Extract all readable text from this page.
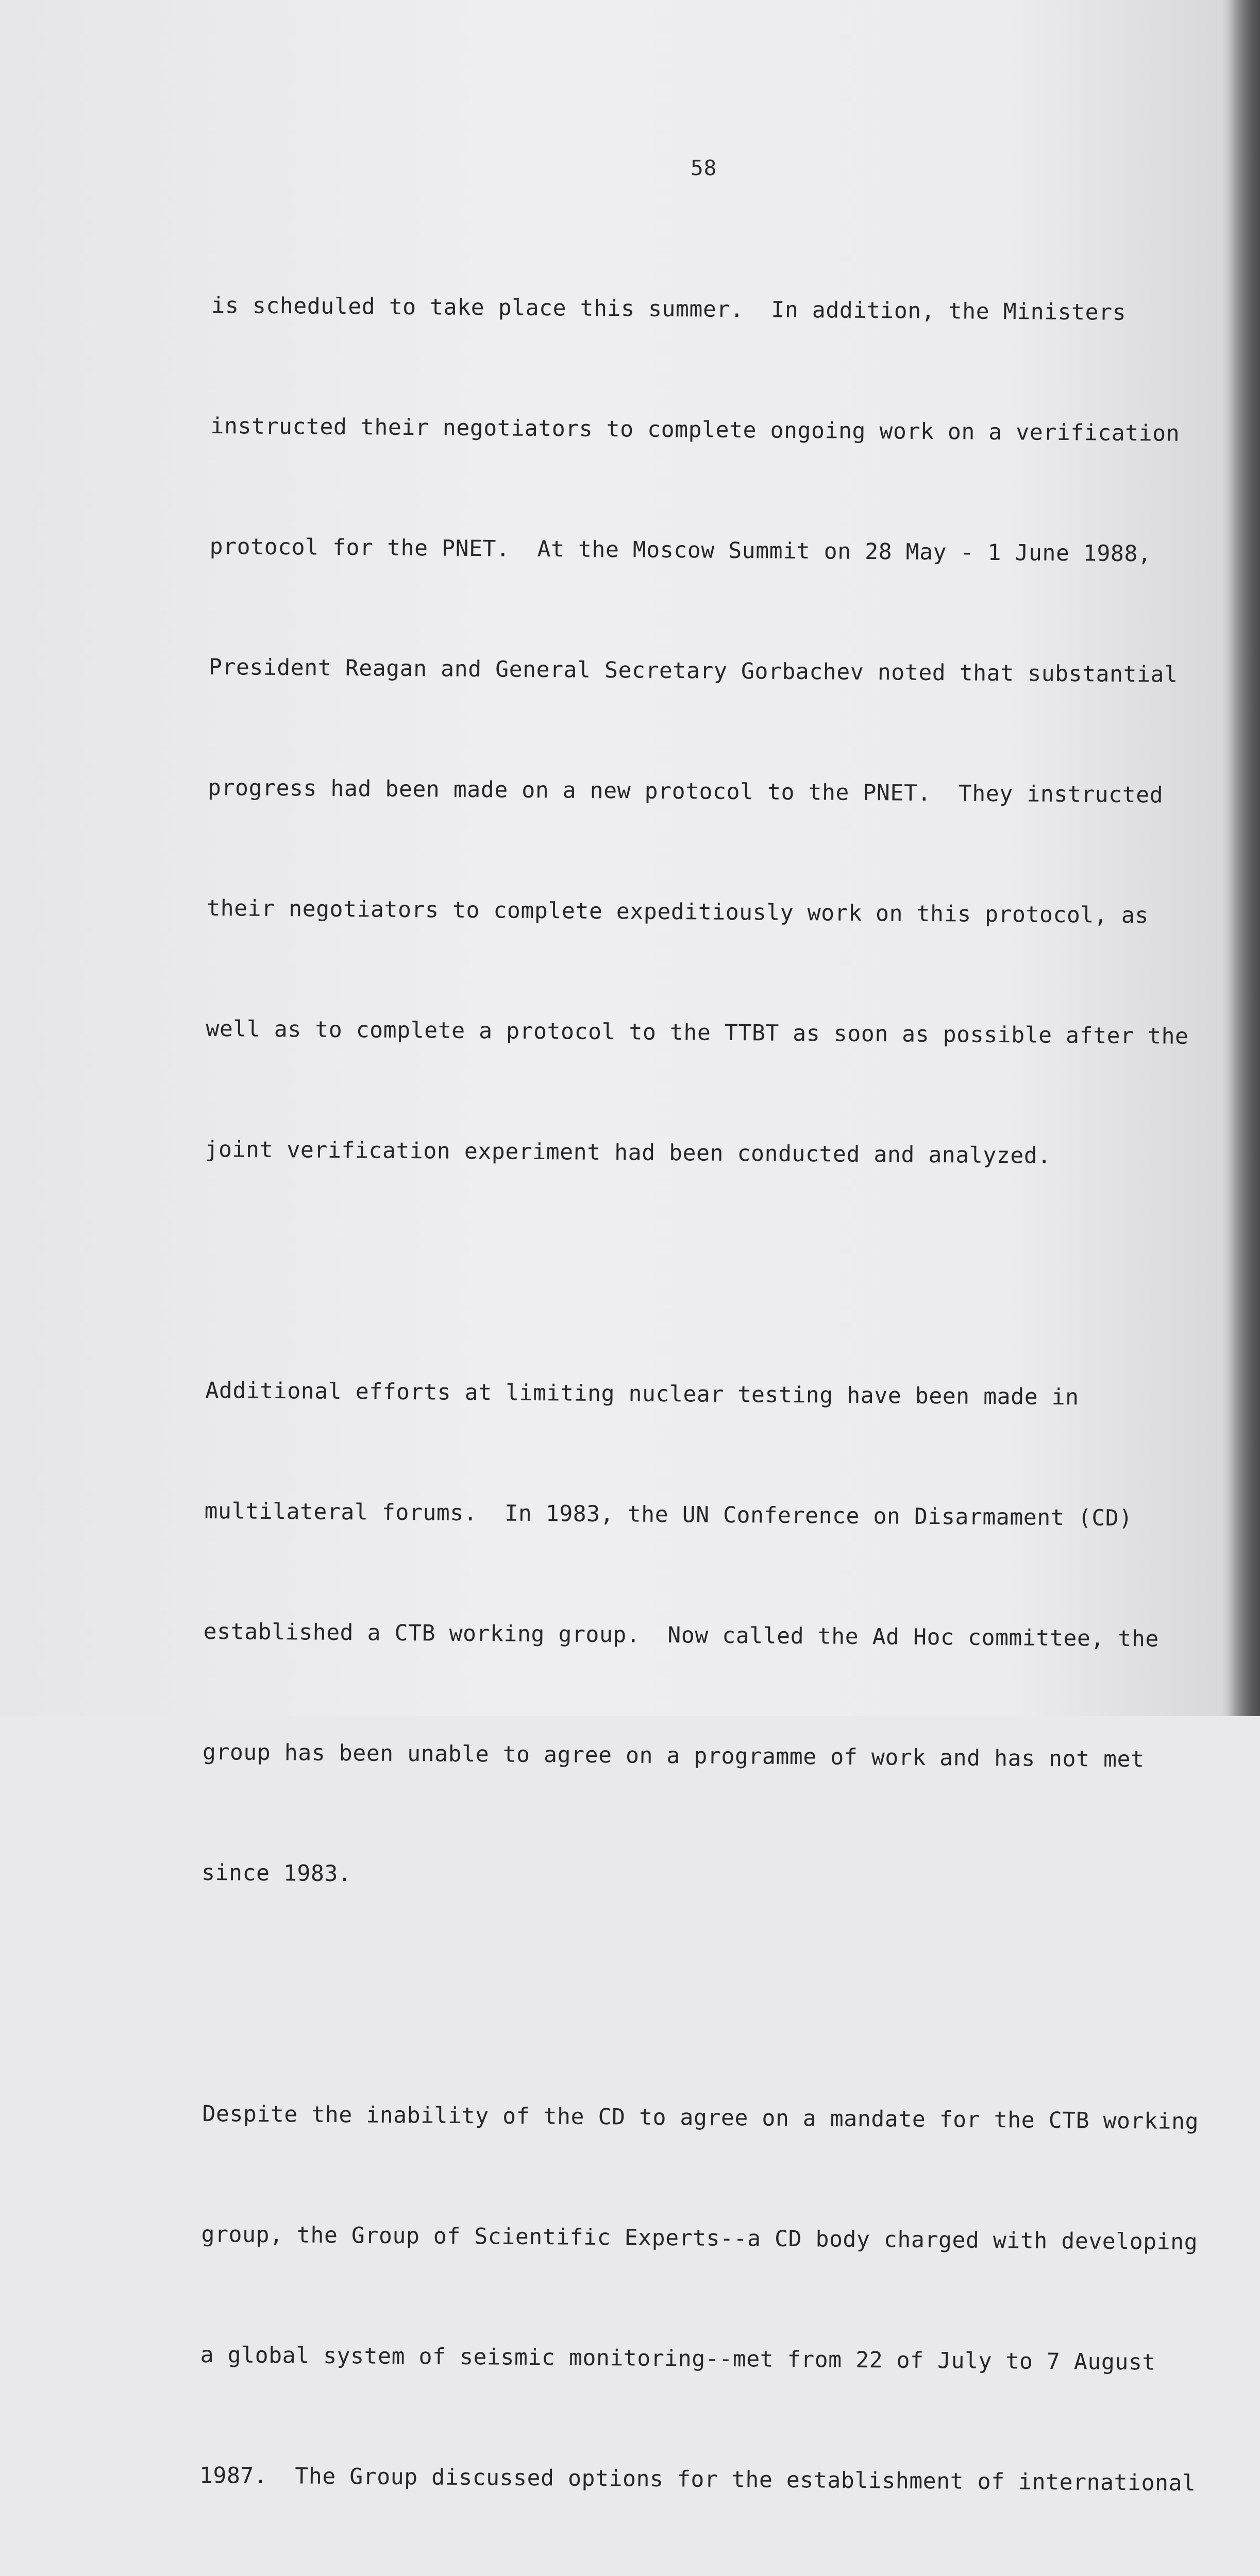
58

is scheduled to take place this summer.  In addition, the Ministers

instructed their negotiators to complete ongoing work on a verification

protocol for the PNET.  At the Moscow Summit on 28 May - 1 June 1988,

President Reagan and General Secretary Gorbachev noted that substantial

progress had been made on a new protocol to the PNET.  They instructed

their negotiators to complete expeditiously work on this protocol, as

well as to complete a protocol to the TTBT as soon as possible after the

joint verification experiment had been conducted and analyzed.

Additional efforts at limiting nuclear testing have been made in

multilateral forums.  In 1983, the UN Conference on Disarmament (CD)

established a CTB working group.  Now called the Ad Hoc committee, the

group has been unable to agree on a programme of work and has not met

since 1983.

Despite the inability of the CD to agree on a mandate for the CTB working

group, the Group of Scientific Experts--a CD body charged with developing

a global system of seismic monitoring--met from 22 of July to 7 August

1987.  The Group discussed options for the establishment of international
